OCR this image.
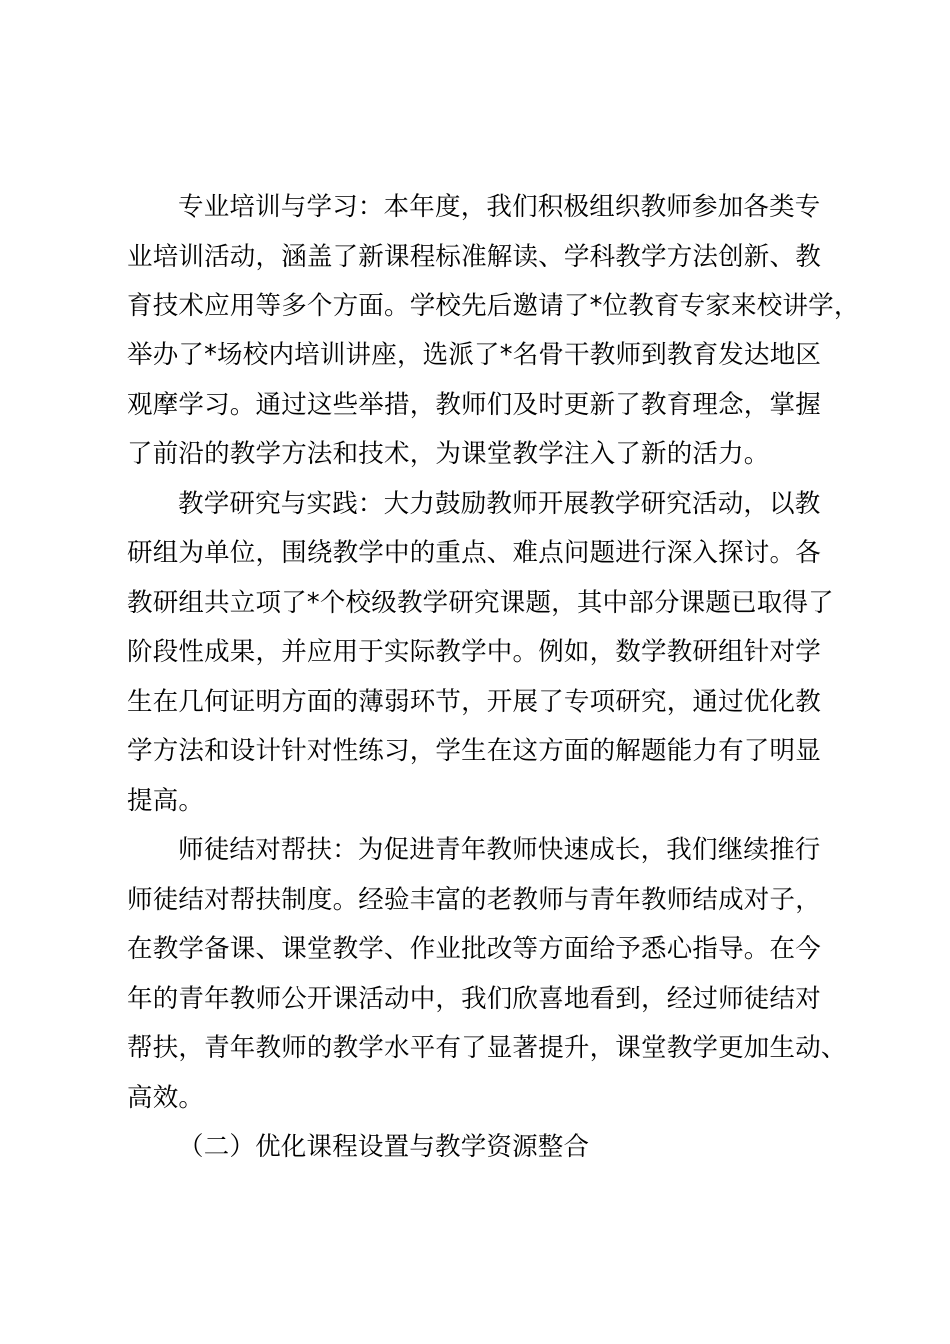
专业培训与学习：本年度，我们积极组织教师参加各类专
业培训活动，涵盖了新课程标准解读、学科教学方法创新、教
育技术应用等多个方面。学校先后邀请了*位教育专家来校讲学，
举办了*场校内培训讲座，选派了*名骨干教师到教育发达地区
观摩学习。通过这些举措，教师们及时更新了教育理念，掌握
了前沿的教学方法和技术，为课堂教学注入了新的活力。
教学研究与实践：大力鼓励教师开展教学研究活动，以教
研组为单位，围绕教学中的重点、难点问题进行深入探讨。各
教研组共立项了*个校级教学研究课题，其中部分课题已取得了
阶段性成果，并应用于实际教学中。例如，数学教研组针对学
生在几何证明方面的薄弱环节，开展了专项研究，通过优化教
学方法和设计针对性练习，学生在这方面的解题能力有了明显
提高。
师徒结对帮扶：为促进青年教师快速成长，我们继续推行
师徒结对帮扶制度。经验丰富的老教师与青年教师结成对子，
在教学备课、课堂教学、作业批改等方面给予悉心指导。在今
年的青年教师公开课活动中，我们欣喜地看到，经过师徒结对
帮扶，青年教师的教学水平有了显著提升，课堂教学更加生动、
高效。
（二）优化课程设置与教学资源整合
